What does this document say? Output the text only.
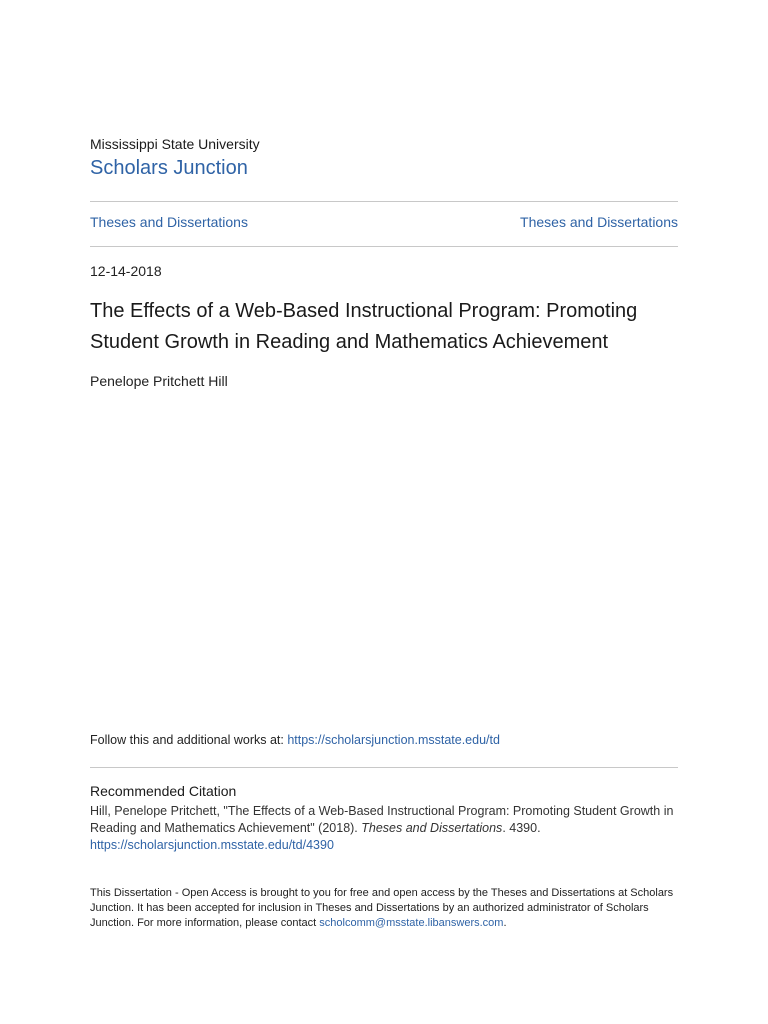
Mississippi State University
Scholars Junction
Theses and Dissertations	Theses and Dissertations
12-14-2018
The Effects of a Web-Based Instructional Program: Promoting Student Growth in Reading and Mathematics Achievement
Penelope Pritchett Hill
Follow this and additional works at: https://scholarsjunction.msstate.edu/td
Recommended Citation
Hill, Penelope Pritchett, "The Effects of a Web-Based Instructional Program: Promoting Student Growth in Reading and Mathematics Achievement" (2018). Theses and Dissertations. 4390.
https://scholarsjunction.msstate.edu/td/4390
This Dissertation - Open Access is brought to you for free and open access by the Theses and Dissertations at Scholars Junction. It has been accepted for inclusion in Theses and Dissertations by an authorized administrator of Scholars Junction. For more information, please contact scholcomm@msstate.libanswers.com.
